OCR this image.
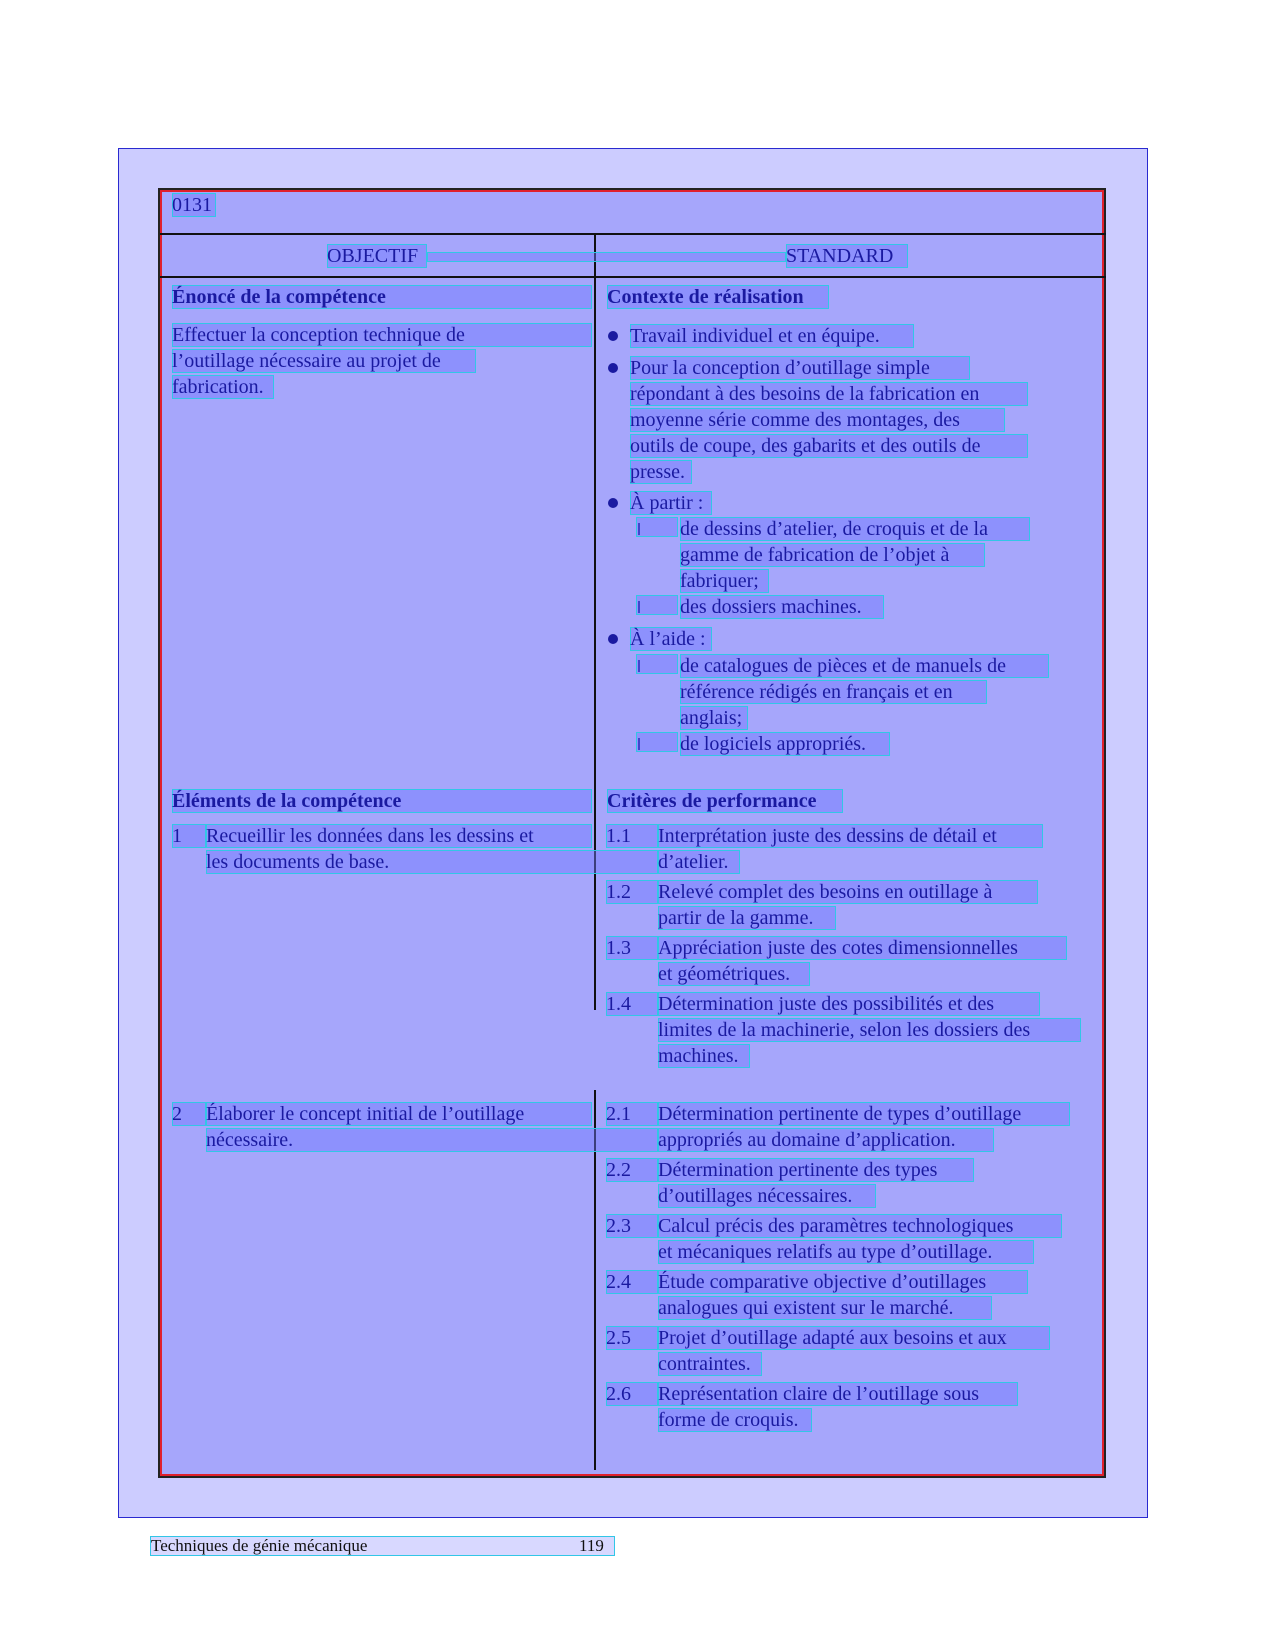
0131
OBJECTIF	STANDARD
Énoncé de la compétence
Effectuer la conception technique de
l’outillage nécessaire au projet de
fabrication.
Contexte de réalisation
Travail individuel et en équipe.
Pour la conception d’outillage simple
répondant à des besoins de la fabrication en
moyenne série comme des montages, des
outils de coupe, des gabarits et des outils de
presse.
À partir :
de dessins d’atelier, de croquis et de la
gamme de fabrication de l’objet à
fabriquer;
des dossiers machines.
À l’aide :
de catalogues de pièces et de manuels de
référence rédigés en français et en
anglais;
de logiciels appropriés.
Éléments de la compétence	Critères de performance
1	Recueillir les données dans les dessins et
les documents de base.
1.1	Interprétation juste des dessins de détail et
d’atelier.
1.2	Relevé complet des besoins en outillage à
partir de la gamme.
1.3	Appréciation juste des cotes dimensionnelles
et géométriques.
1.4	Détermination juste des possibilités et des
limites de la machinerie, selon les dossiers des
machines.
2	Élaborer le concept initial de l’outillage
nécessaire.
2.1	Détermination pertinente de types d’outillage
appropriés au domaine d’application.
2.2	Détermination pertinente des types
d’outillages nécessaires.
2.3	Calcul précis des paramètres technologiques
et mécaniques relatifs au type d’outillage.
2.4	Étude comparative objective d’outillages
analogues qui existent sur le marché.
2.5	Projet d’outillage adapté aux besoins et aux
contraintes.
2.6	Représentation claire de l’outillage sous
forme de croquis.
Techniques de génie mécanique	119
